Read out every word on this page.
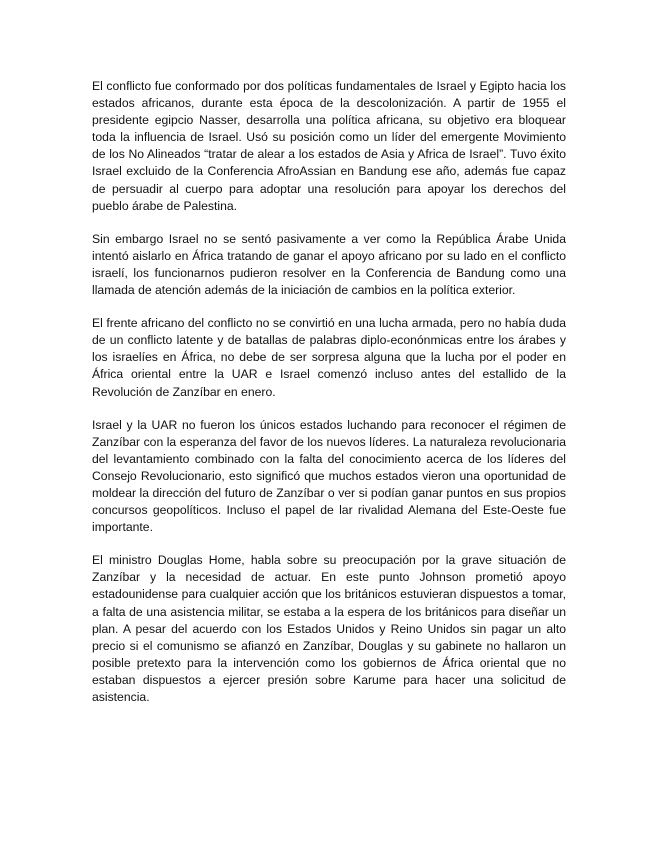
El conflicto fue conformado por dos políticas fundamentales de Israel y Egipto hacia los estados africanos, durante esta época de la descolonización. A partir de 1955 el presidente egipcio Nasser, desarrolla una política africana, su objetivo era bloquear toda la influencia de Israel. Usó su posición como un líder del emergente Movimiento de los No Alineados “tratar de alear a los estados de Asia y Africa de Israel”. Tuvo éxito Israel excluido de la Conferencia AfroAssian en Bandung ese año, además fue capaz de persuadir al cuerpo para adoptar una resolución para apoyar los derechos del pueblo árabe de Palestina.

Sin embargo Israel no se sentó pasivamente a ver como la República Árabe Unida intentó aislarlo en África tratando de ganar el apoyo africano por su lado en el conflicto israelí, los funcionarnos pudieron resolver en la Conferencia de Bandung como una llamada de atención además de la iniciación de cambios en la política exterior.

El frente africano del conflicto no se convirtió en una lucha armada, pero no había duda de un conflicto latente y de batallas de palabras diplo-econónmicas entre los árabes y los israelíes en África, no debe de ser sorpresa alguna que la lucha por el poder en África oriental entre la UAR e Israel comenzó incluso antes del estallido de la Revolución de Zanzíbar en enero.

Israel y la UAR no fueron los únicos estados luchando para reconocer el régimen de Zanzíbar con la esperanza del favor de los nuevos líderes. La naturaleza revolucionaria del levantamiento combinado con la falta del conocimiento acerca de los líderes del Consejo Revolucionario, esto significó que muchos estados vieron una oportunidad de moldear la dirección del futuro de Zanzíbar o ver si podían ganar puntos en sus propios concursos geopolíticos. Incluso el papel de lar rivalidad Alemana del Este-Oeste fue importante.

El ministro Douglas Home, habla sobre su preocupación por la grave situación de Zanzíbar y la necesidad de actuar. En este punto Johnson prometió apoyo estadounidense para cualquier acción que los británicos estuvieran dispuestos a tomar, a falta de una asistencia militar, se estaba a la espera de los británicos para diseñar un plan. A pesar del acuerdo con los Estados Unidos y Reino Unidos sin pagar un alto precio si el comunismo se afianzó en Zanzíbar, Douglas y su gabinete no hallaron un posible pretexto para la intervención como los gobiernos de África oriental que no estaban dispuestos a ejercer presión sobre Karume para hacer una solicitud de asistencia.
